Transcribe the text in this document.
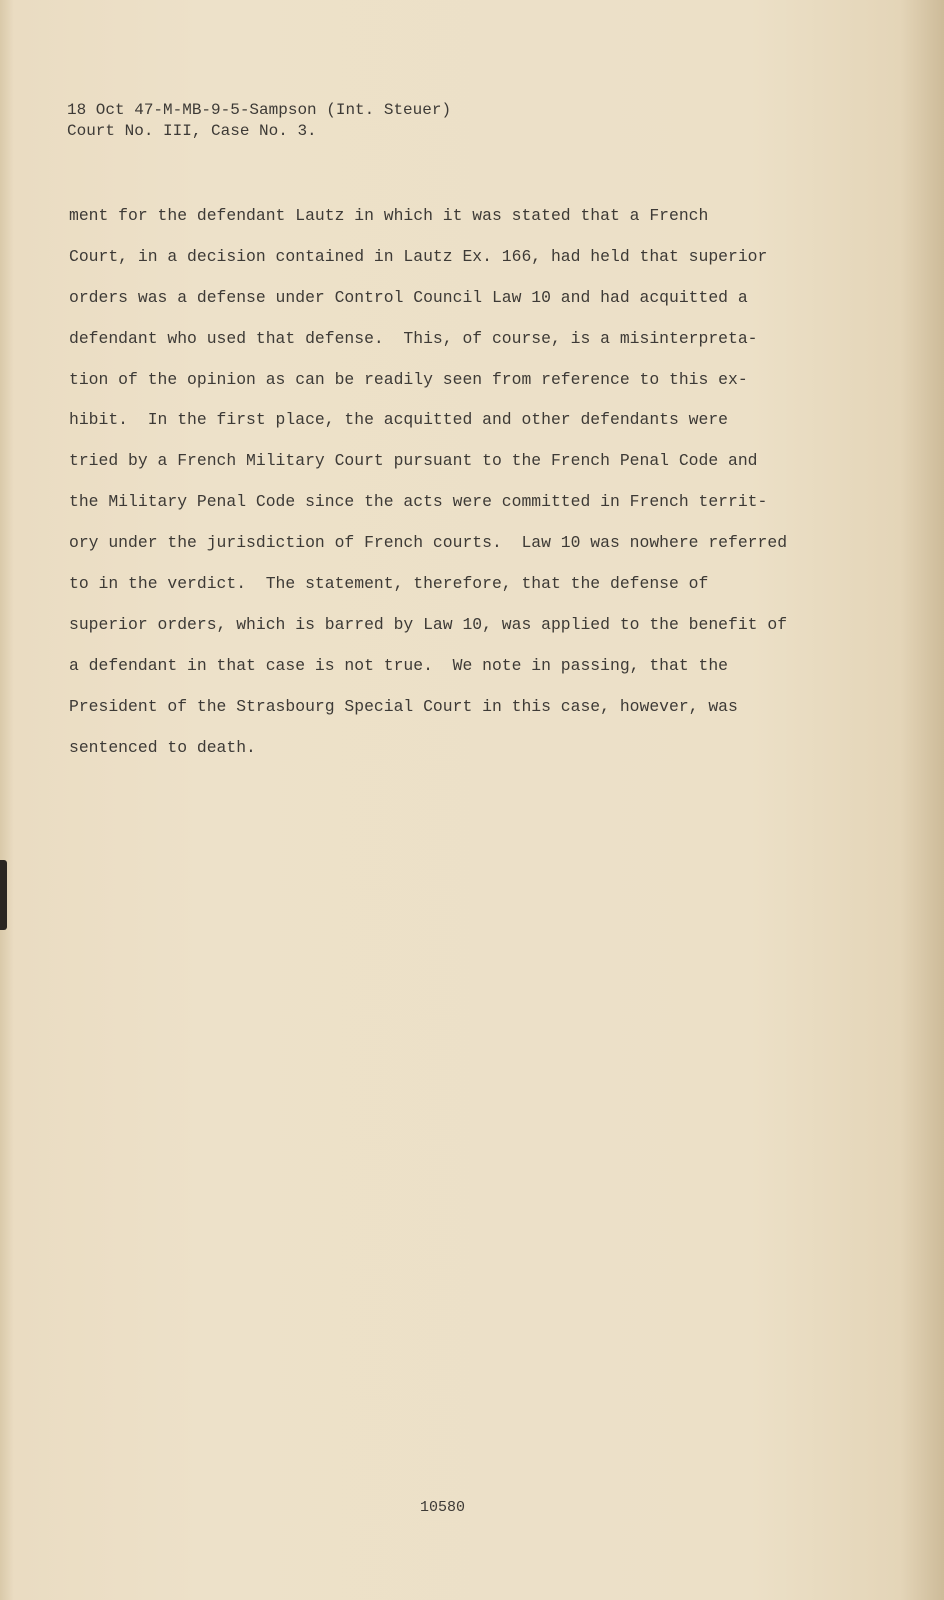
18 Oct 47-M-MB-9-5-Sampson (Int. Steuer)
Court No. III, Case No. 3.
ment for the defendant Lautz in which it was stated that a French
Court, in a decision contained in Lautz Ex. 166, had held that superior
orders was a defense under Control Council Law 10 and had acquitted a
defendant who used that defense.  This, of course, is a misinterpreta-
tion of the opinion as can be readily seen from reference to this ex-
hibit.  In the first place, the acquitted and other defendants were
tried by a French Military Court pursuant to the French Penal Code and
the Military Penal Code since the acts were committed in French territ-
ory under the jurisdiction of French courts.  Law 10 was nowhere referred
to in the verdict.  The statement, therefore, that the defense of
superior orders, which is barred by Law 10, was applied to the benefit of
a defendant in that case is not true.  We note in passing, that the
President of the Strasbourg Special Court in this case, however, was
sentenced to death.
10580
